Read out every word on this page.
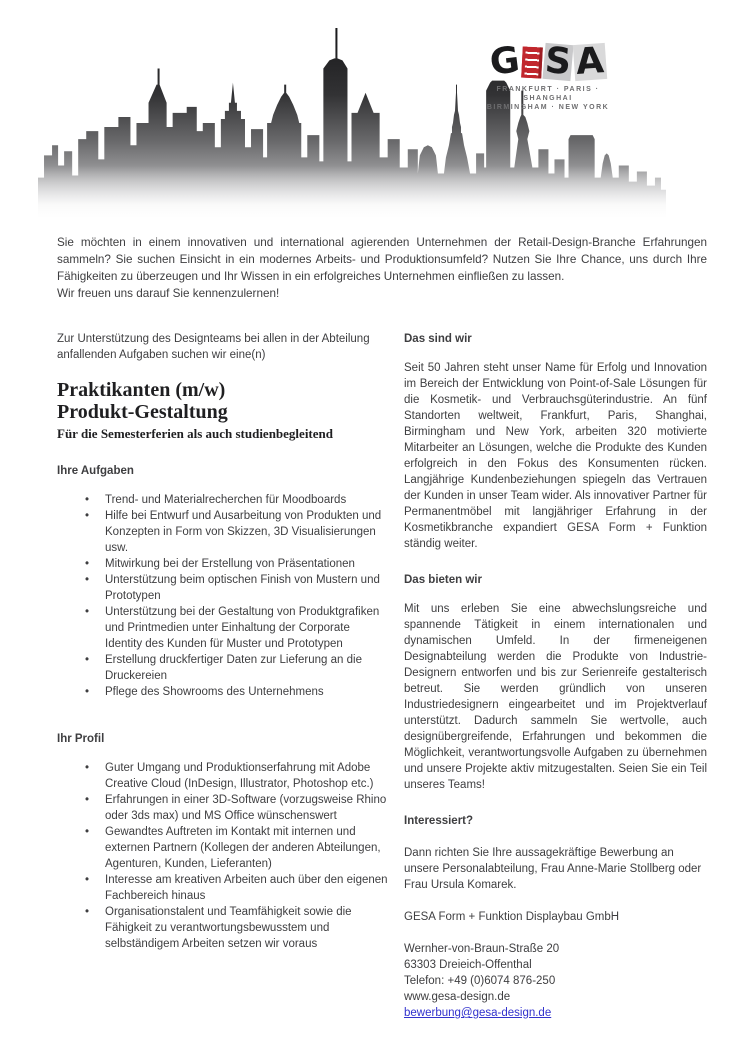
G S A
FRANKFURT · PARIS · SHANGHAI
BIRMINGHAM · NEW YORK
Sie möchten in einem innovativen und international agierenden Unternehmen der Retail-Design-Branche Erfahrungen sammeln? Sie suchen Einsicht in ein modernes Arbeits- und Produktionsumfeld? Nutzen Sie Ihre Chance, uns durch Ihre Fähigkeiten zu überzeugen und Ihr Wissen in ein erfolgreiches Unternehmen einfließen zu lassen.
Wir freuen uns darauf Sie kennenzulernen!
Zur Unterstützung des Designteams bei allen in der Abteilung anfallenden Aufgaben suchen wir eine(n)
Praktikanten (m/w)
Produkt-Gestaltung
Für die Semesterferien als auch studienbegleitend
Ihre Aufgaben
• Trend- und Materialrecherchen für Moodboards
• Hilfe bei Entwurf und Ausarbeitung von Produkten und Konzepten in Form von Skizzen, 3D Visualisierungen usw.
• Mitwirkung bei der Erstellung von Präsentationen
• Unterstützung beim optischen Finish von Mustern und Prototypen
• Unterstützung bei der Gestaltung von Produktgrafiken und Printmedien unter Einhaltung der Corporate Identity des Kunden für Muster und Prototypen
• Erstellung druckfertiger Daten zur Lieferung an die Druckereien
• Pflege des Showrooms des Unternehmens
Ihr Profil
• Guter Umgang und Produktionserfahrung mit Adobe Creative Cloud (InDesign, Illustrator, Photoshop etc.)
• Erfahrungen in einer 3D-Software (vorzugsweise Rhino oder 3ds max) und MS Office wünschenswert
• Gewandtes Auftreten im Kontakt mit internen und externen Partnern (Kollegen der anderen Abteilungen, Agenturen, Kunden, Lieferanten)
• Interesse am kreativen Arbeiten auch über den eigenen Fachbereich hinaus
• Organisationstalent und Teamfähigkeit sowie die Fähigkeit zu verantwortungsbewusstem und selbständigem Arbeiten setzen wir voraus
Das sind wir

Seit 50 Jahren steht unser Name für Erfolg und Innovation im Bereich der Entwicklung von Point-of-Sale Lösungen für die Kosmetik- und Verbrauchsgüterindustrie. An fünf Standorten weltweit, Frankfurt, Paris, Shanghai, Birmingham und New York, arbeiten 320 motivierte Mitarbeiter an Lösungen, welche die Produkte des Kunden erfolgreich in den Fokus des Konsumenten rücken. Langjährige Kundenbeziehungen spiegeln das Vertrauen der Kunden in unser Team wider. Als innovativer Partner für Permanentmöbel mit langjähriger Erfahrung in der Kosmetikbranche expandiert GESA Form + Funktion ständig weiter.

Das bieten wir

Mit uns erleben Sie eine abwechslungsreiche und spannende Tätigkeit in einem internationalen und dynamischen Umfeld. In der firmeneigenen Designabteilung werden die Produkte von Industrie-Designern entworfen und bis zur Serienreife gestalterisch betreut. Sie werden gründlich von unseren Industriedesignern eingearbeitet und im Projektverlauf unterstützt. Dadurch sammeln Sie wertvolle, auch designübergreifende, Erfahrungen und bekommen die Möglichkeit, verantwortungsvolle Aufgaben zu übernehmen und unsere Projekte aktiv mitzugestalten. Seien Sie ein Teil unseres Teams!

Interessiert?

Dann richten Sie Ihre aussagekräftige Bewerbung an unsere Personalabteilung, Frau Anne-Marie Stollberg oder Frau Ursula Komarek.

GESA Form + Funktion Displaybau GmbH

Wernher-von-Braun-Straße 20
63303 Dreieich-Offenthal
Telefon: +49 (0)6074 876-250
www.gesa-design.de
bewerbung@gesa-design.de
